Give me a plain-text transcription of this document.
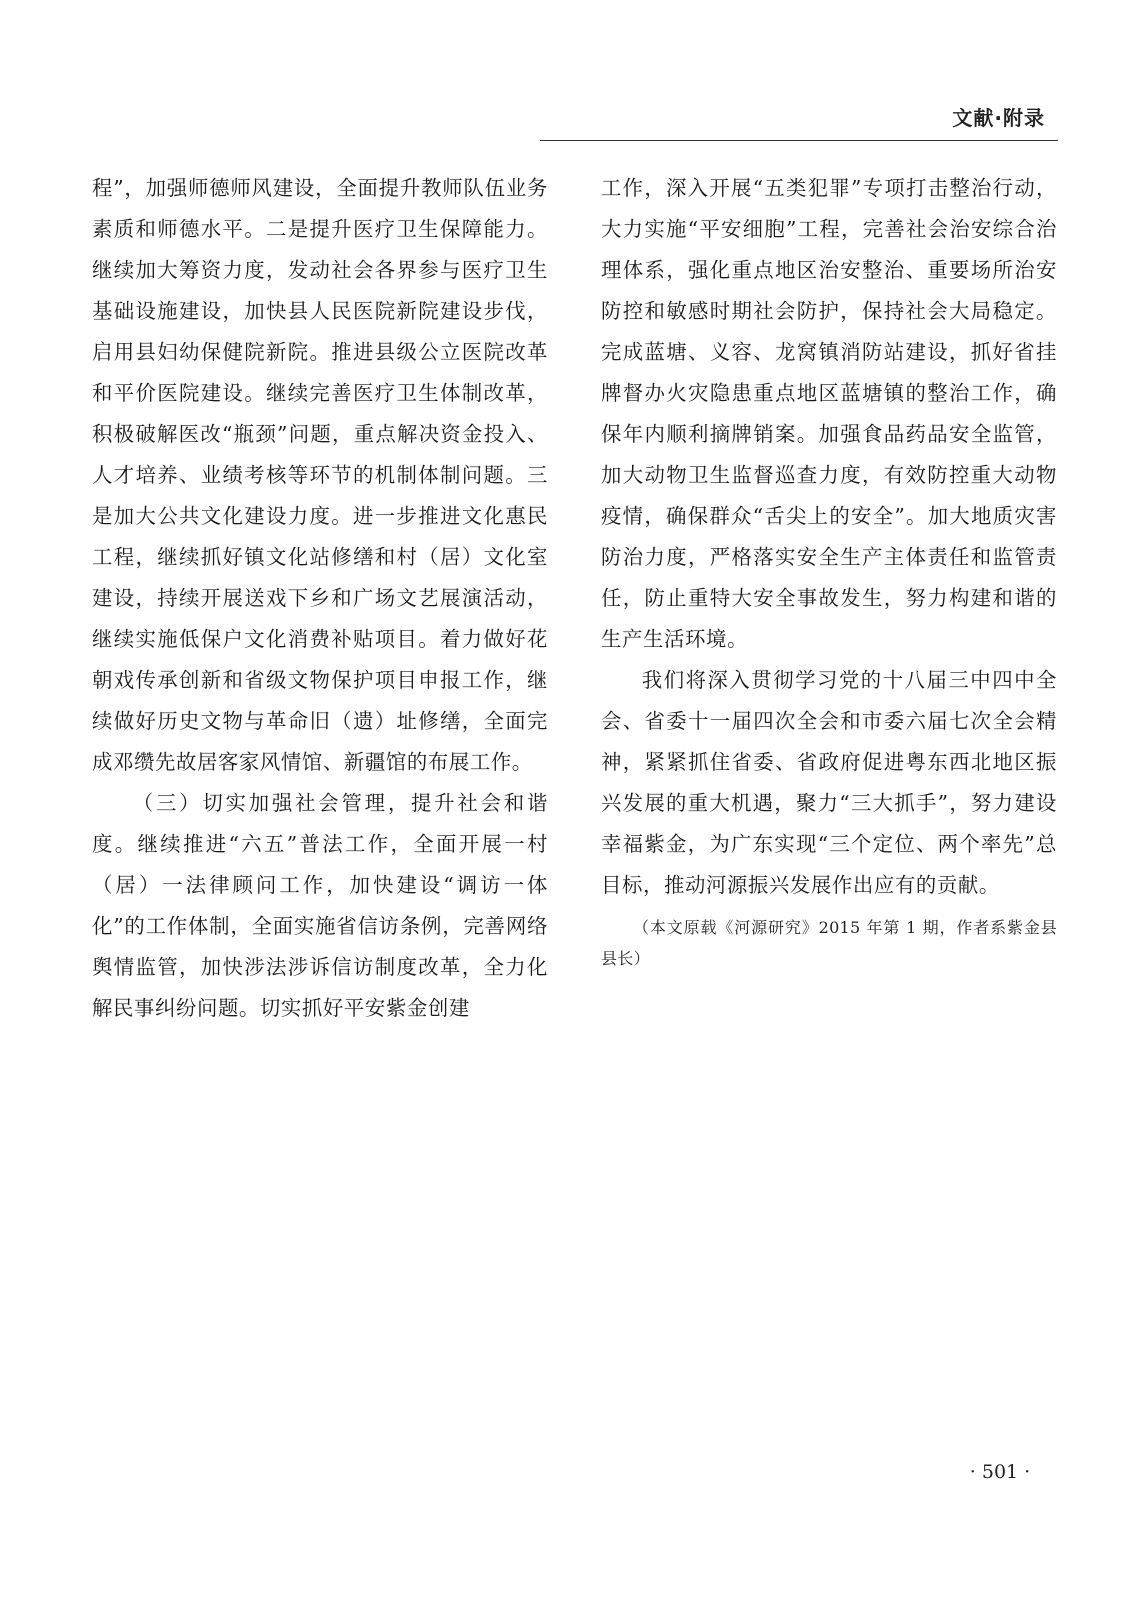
文献·附录

程”，加强师德师风建设，全面提升教师队伍业务素质和师德水平。二是提升医疗卫生保障能力。继续加大筹资力度，发动社会各界参与医疗卫生基础设施建设，加快县人民医院新院建设步伐，启用县妇幼保健院新院。推进县级公立医院改革和平价医院建设。继续完善医疗卫生体制改革，积极破解医改“瓶颈”问题，重点解决资金投入、人才培养、业绩考核等环节的机制体制问题。三是加大公共文化建设力度。进一步推进文化惠民工程，继续抓好镇文化站修缮和村（居）文化室建设，持续开展送戏下乡和广场文艺展演活动，继续实施低保户文化消费补贴项目。着力做好花朝戏传承创新和省级文物保护项目申报工作，继续做好历史文物与革命旧（遗）址修缮，全面完成邓缵先故居客家风情馆、新疆馆的布展工作。

（三）切实加强社会管理，提升社会和谐度。继续推进“六五”普法工作，全面开展一村（居）一法律顾问工作，加快建设“调访一体化”的工作体制，全面实施省信访条例，完善网络舆情监管，加快涉法涉诉信访制度改革，全力化解民事纠纷问题。切实抓好平安紫金创建

工作，深入开展“五类犯罪”专项打击整治行动，大力实施“平安细胞”工程，完善社会治安综合治理体系，强化重点地区治安整治、重要场所治安防控和敏感时期社会防护，保持社会大局稳定。完成蓝塘、义容、龙窝镇消防站建设，抓好省挂牌督办火灾隐患重点地区蓝塘镇的整治工作，确保年内顺利摘牌销案。加强食品药品安全监管，加大动物卫生监督巡查力度，有效防控重大动物疫情，确保群众“舌尖上的安全”。加大地质灾害防治力度，严格落实安全生产主体责任和监管责任，防止重特大安全事故发生，努力构建和谐的生产生活环境。

我们将深入贯彻学习党的十八届三中四中全会、省委十一届四次全会和市委六届七次全会精神，紧紧抓住省委、省政府促进粤东西北地区振兴发展的重大机遇，聚力“三大抓手”，努力建设幸福紫金，为广东实现“三个定位、两个率先”总目标，推动河源振兴发展作出应有的贡献。

（本文原载《河源研究》2015 年第 1 期，作者系紫金县县长）

· 501 ·
